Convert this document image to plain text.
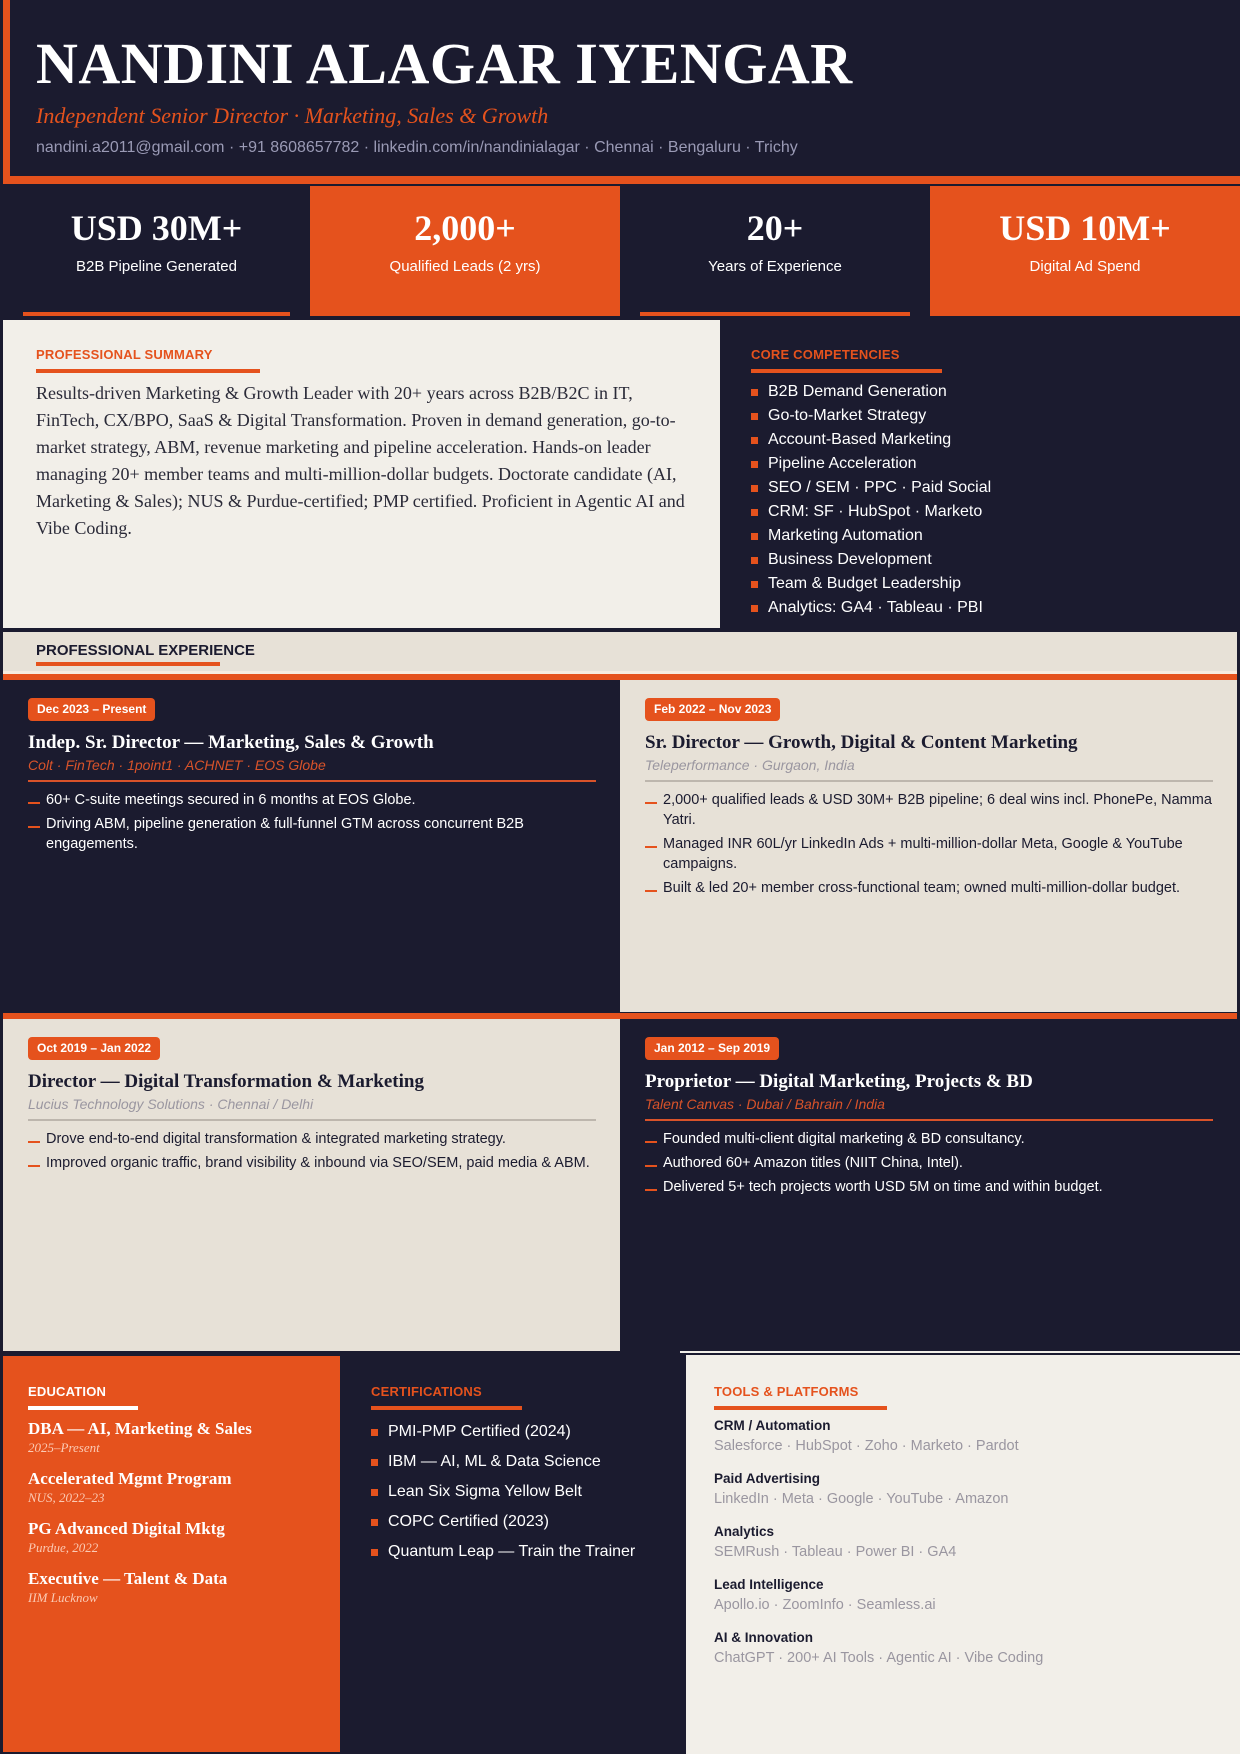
NANDINI ALAGAR IYENGAR
Independent Senior Director · Marketing, Sales & Growth
nandini.a2011@gmail.com · +91 8608657782 · linkedin.com/in/nandinialagar · Chennai · Bengaluru · Trichy
USD 30M+
B2B Pipeline Generated
2,000+
Qualified Leads (2 yrs)
20+
Years of Experience
USD 10M+
Digital Ad Spend
PROFESSIONAL SUMMARY

Results-driven Marketing & Growth Leader with 20+ years across B2B/B2C in IT, FinTech, CX/BPO, SaaS & Digital Transformation. Proven in demand generation, go-to-market strategy, ABM, revenue marketing and pipeline acceleration. Hands-on leader managing 20+ member teams and multi-million-dollar budgets. Doctorate candidate (AI, Marketing & Sales); NUS & Purdue-certified; PMP certified. Proficient in Agentic AI and Vibe Coding.

CORE COMPETENCIES
B2B Demand Generation
Go-to-Market Strategy
Account-Based Marketing
Pipeline Acceleration
SEO / SEM · PPC · Paid Social
CRM: SF · HubSpot · Marketo
Marketing Automation
Business Development
Team & Budget Leadership
Analytics: GA4 · Tableau · PBI
PROFESSIONAL EXPERIENCE
Dec 2023 – Present
Indep. Sr. Director — Marketing, Sales & Growth
Colt · FinTech · 1point1 · ACHNET · EOS Globe
60+ C-suite meetings secured in 6 months at EOS Globe.
Driving ABM, pipeline generation & full-funnel GTM across concurrent B2B engagements.
Feb 2022 – Nov 2023
Sr. Director — Growth, Digital & Content Marketing
Teleperformance · Gurgaon, India
2,000+ qualified leads & USD 30M+ B2B pipeline; 6 deal wins incl. PhonePe, Namma Yatri.
Managed INR 60L/yr LinkedIn Ads + multi-million-dollar Meta, Google & YouTube campaigns.
Built & led 20+ member cross-functional team; owned multi-million-dollar budget.
Oct 2019 – Jan 2022
Director — Digital Transformation & Marketing
Lucius Technology Solutions · Chennai / Delhi
Drove end-to-end digital transformation & integrated marketing strategy.
Improved organic traffic, brand visibility & inbound via SEO/SEM, paid media & ABM.
Jan 2012 – Sep 2019
Proprietor — Digital Marketing, Projects & BD
Talent Canvas · Dubai / Bahrain / India
Founded multi-client digital marketing & BD consultancy.
Authored 60+ Amazon titles (NIIT China, Intel).
Delivered 5+ tech projects worth USD 5M on time and within budget.
EDUCATION
DBA — AI, Marketing & Sales
2025–Present
Accelerated Mgmt Program
NUS, 2022–23
PG Advanced Digital Mktg
Purdue, 2022
Executive — Talent & Data
IIM Lucknow
CERTIFICATIONS
PMI-PMP Certified (2024)
IBM — AI, ML & Data Science
Lean Six Sigma Yellow Belt
COPC Certified (2023)
Quantum Leap — Train the Trainer
TOOLS & PLATFORMS
CRM / Automation
Salesforce · HubSpot · Zoho · Marketo · Pardot
Paid Advertising
LinkedIn · Meta · Google · YouTube · Amazon
Analytics
SEMRush · Tableau · Power BI · GA4
Lead Intelligence
Apollo.io · ZoomInfo · Seamless.ai
AI & Innovation
ChatGPT · 200+ AI Tools · Agentic AI · Vibe Coding
